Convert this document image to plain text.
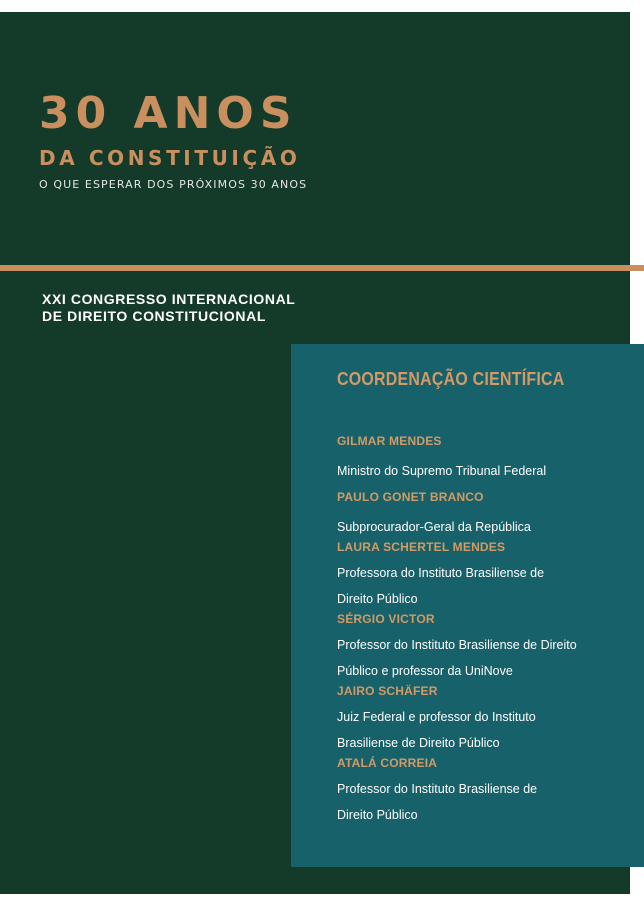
30 ANOS
DA CONSTITUIÇÃO

O QUE ESPERAR DOS PRÓXIMOS 30 ANOS

XXI CONGRESSO INTERNACIONAL
DE DIREITO CONSTITUCIONAL
COORDENAÇÃO CIENTÍFICA
GILMAR MENDES
Ministro do Supremo Tribunal Federal
PAULO GONET BRANCO
Subprocurador-Geral da República
LAURA SCHERTEL MENDES
Professora do Instituto Brasiliense de
Direito Público
SÉRGIO VICTOR
Professor do Instituto Brasiliense de Direito
Público e professor da UniNove
JAIRO SCHÄFER
Juiz Federal e professor do Instituto
Brasiliense de Direito Público
ATALÁ CORREIA
Professor do Instituto Brasiliense de
Direito Público
